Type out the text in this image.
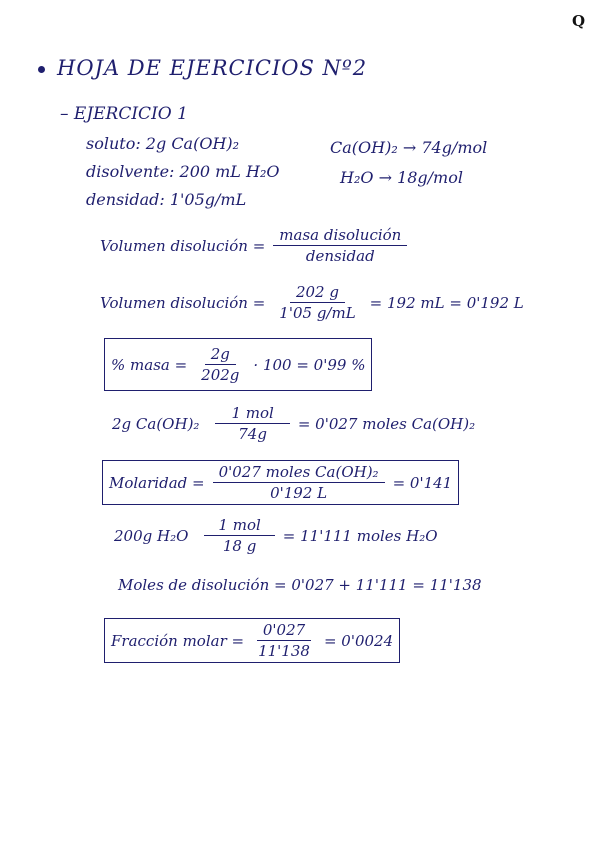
Q
HOJA DE EJERCICIOS Nº2
– EJERCICIO 1
soluto: 2g Ca(OH)₂
disolvente: 200 mL H₂O
densidad: 1'05g/mL
Ca(OH)₂ → 74g/mol
H₂O → 18g/mol
Volumen disolución = $\frac{\text{masa disolución}}{\text{densidad}}$
Volumen disolución = $\frac{202 g}{1'05 g/mL} = 192$ mL = 0'192 L
% masa = $\frac{2g}{202g} \cdot 100 = 0'99$ %
2g $Ca(OH)_2 \frac{\text{1 mol}}{74g} = 0'027$ moles Ca(OH)₂
Molaridad = $\frac{\text{0'027 moles Ca(OH)₂}}{0'192 L} = 0'141$
200g $H_2O \frac{\text{1 mol}}{18 g} = 11'111$ moles H₂O
Moles de disolución = 0'027 + 11'111 = 11'138
Fracción molar = $\frac{0'027}{11'138} = 0'0024$
